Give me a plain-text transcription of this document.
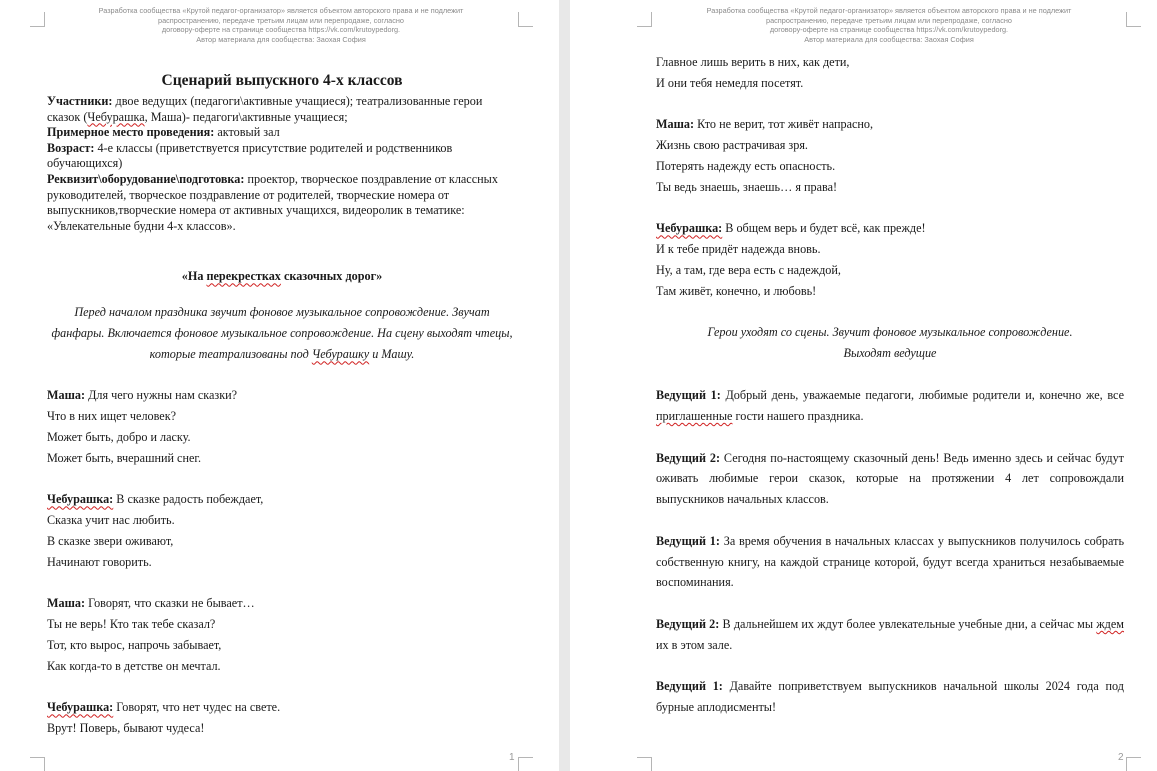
Разработка сообщества «Крутой педагог-организатор» является объектом авторского права и не подлежит
распространению, передаче третьим лицам или перепродаже, согласно
договору-оферте на странице сообщества https://vk.com/krutoypedorg.
Автор материала для сообщества: Заохая София
Сценарий выпускного 4-х классов
Участники: двое ведущих (педагоги\активные учащиеся); театрализованные герои сказок (Чебурашка, Маша)- педагоги\активные учащиеся;
Примерное место проведения: актовый зал
Возраст: 4-е классы (приветствуется присутствие родителей и родственников обучающихся)
Реквизит\оборудование\подготовка: проектор, творческое поздравление от классных руководителей, творческое поздравление от родителей, творческие номера от выпускников,творческие номера от активных учащихся, видеоролик в тематике: «Увлекательные будни 4-х классов».
«На перекрестках сказочных дорог»
Перед началом праздника звучит фоновое музыкальное сопровождение. Звучат фанфары. Включается фоновое музыкальное сопровождение. На сцену выходят чтецы, которые театрализованы под Чебурашку и Машу.
Маша: Для чего нужны нам сказки?
Что в них ищет человек?
Может быть, добро и ласку.
Может быть, вчерашний снег.
Чебурашка: В сказке радость побеждает,
Сказка учит нас любить.
В сказке звери оживают,
Начинают говорить.
Маша: Говорят, что сказки не бывает…
Ты не верь! Кто так тебе сказал?
Тот, кто вырос, напрочь забывает,
Как когда-то в детстве он мечтал.
Чебурашка: Говорят, что нет чудес на свете.
Врут! Поверь, бывают чудеса!
1
Разработка сообщества «Крутой педагог-организатор» является объектом авторского права и не подлежит
распространению, передаче третьим лицам или перепродаже, согласно
договору-оферте на странице сообщества https://vk.com/krutoypedorg.
Автор материала для сообщества: Заохая София
Главное лишь верить в них, как дети,
И они тебя немедля посетят.
Маша: Кто не верит, тот живёт напрасно,
Жизнь свою растрачивая зря.
Потерять надежду есть опасность.
Ты ведь знаешь, знаешь… я права!
Чебурашка: В общем верь и будет всё, как прежде!
И к тебе придёт надежда вновь.
Ну, а там, где вера есть с надеждой,
Там живёт, конечно, и любовь!
Герои уходят со сцены. Звучит фоновое музыкальное сопровождение.
Выходят ведущие
Ведущий 1: Добрый день, уважаемые педагоги, любимые родители и, конечно же, все приглашенные гости нашего праздника.
Ведущий 2: Сегодня по-настоящему сказочный день! Ведь именно здесь и сейчас будут оживать любимые герои сказок, которые на протяжении 4 лет сопровождали выпускников начальных классов.
Ведущий 1: За время обучения в начальных классах у выпускников получилось собрать собственную книгу, на каждой странице которой, будут всегда храниться незабываемые воспоминания.
Ведущий 2: В дальнейшем их ждут более увлекательные учебные дни, а сейчас мы ждем их в этом зале.
Ведущий 1: Давайте поприветствуем выпускников начальной школы 2024 года под бурные аплодисменты!
2
